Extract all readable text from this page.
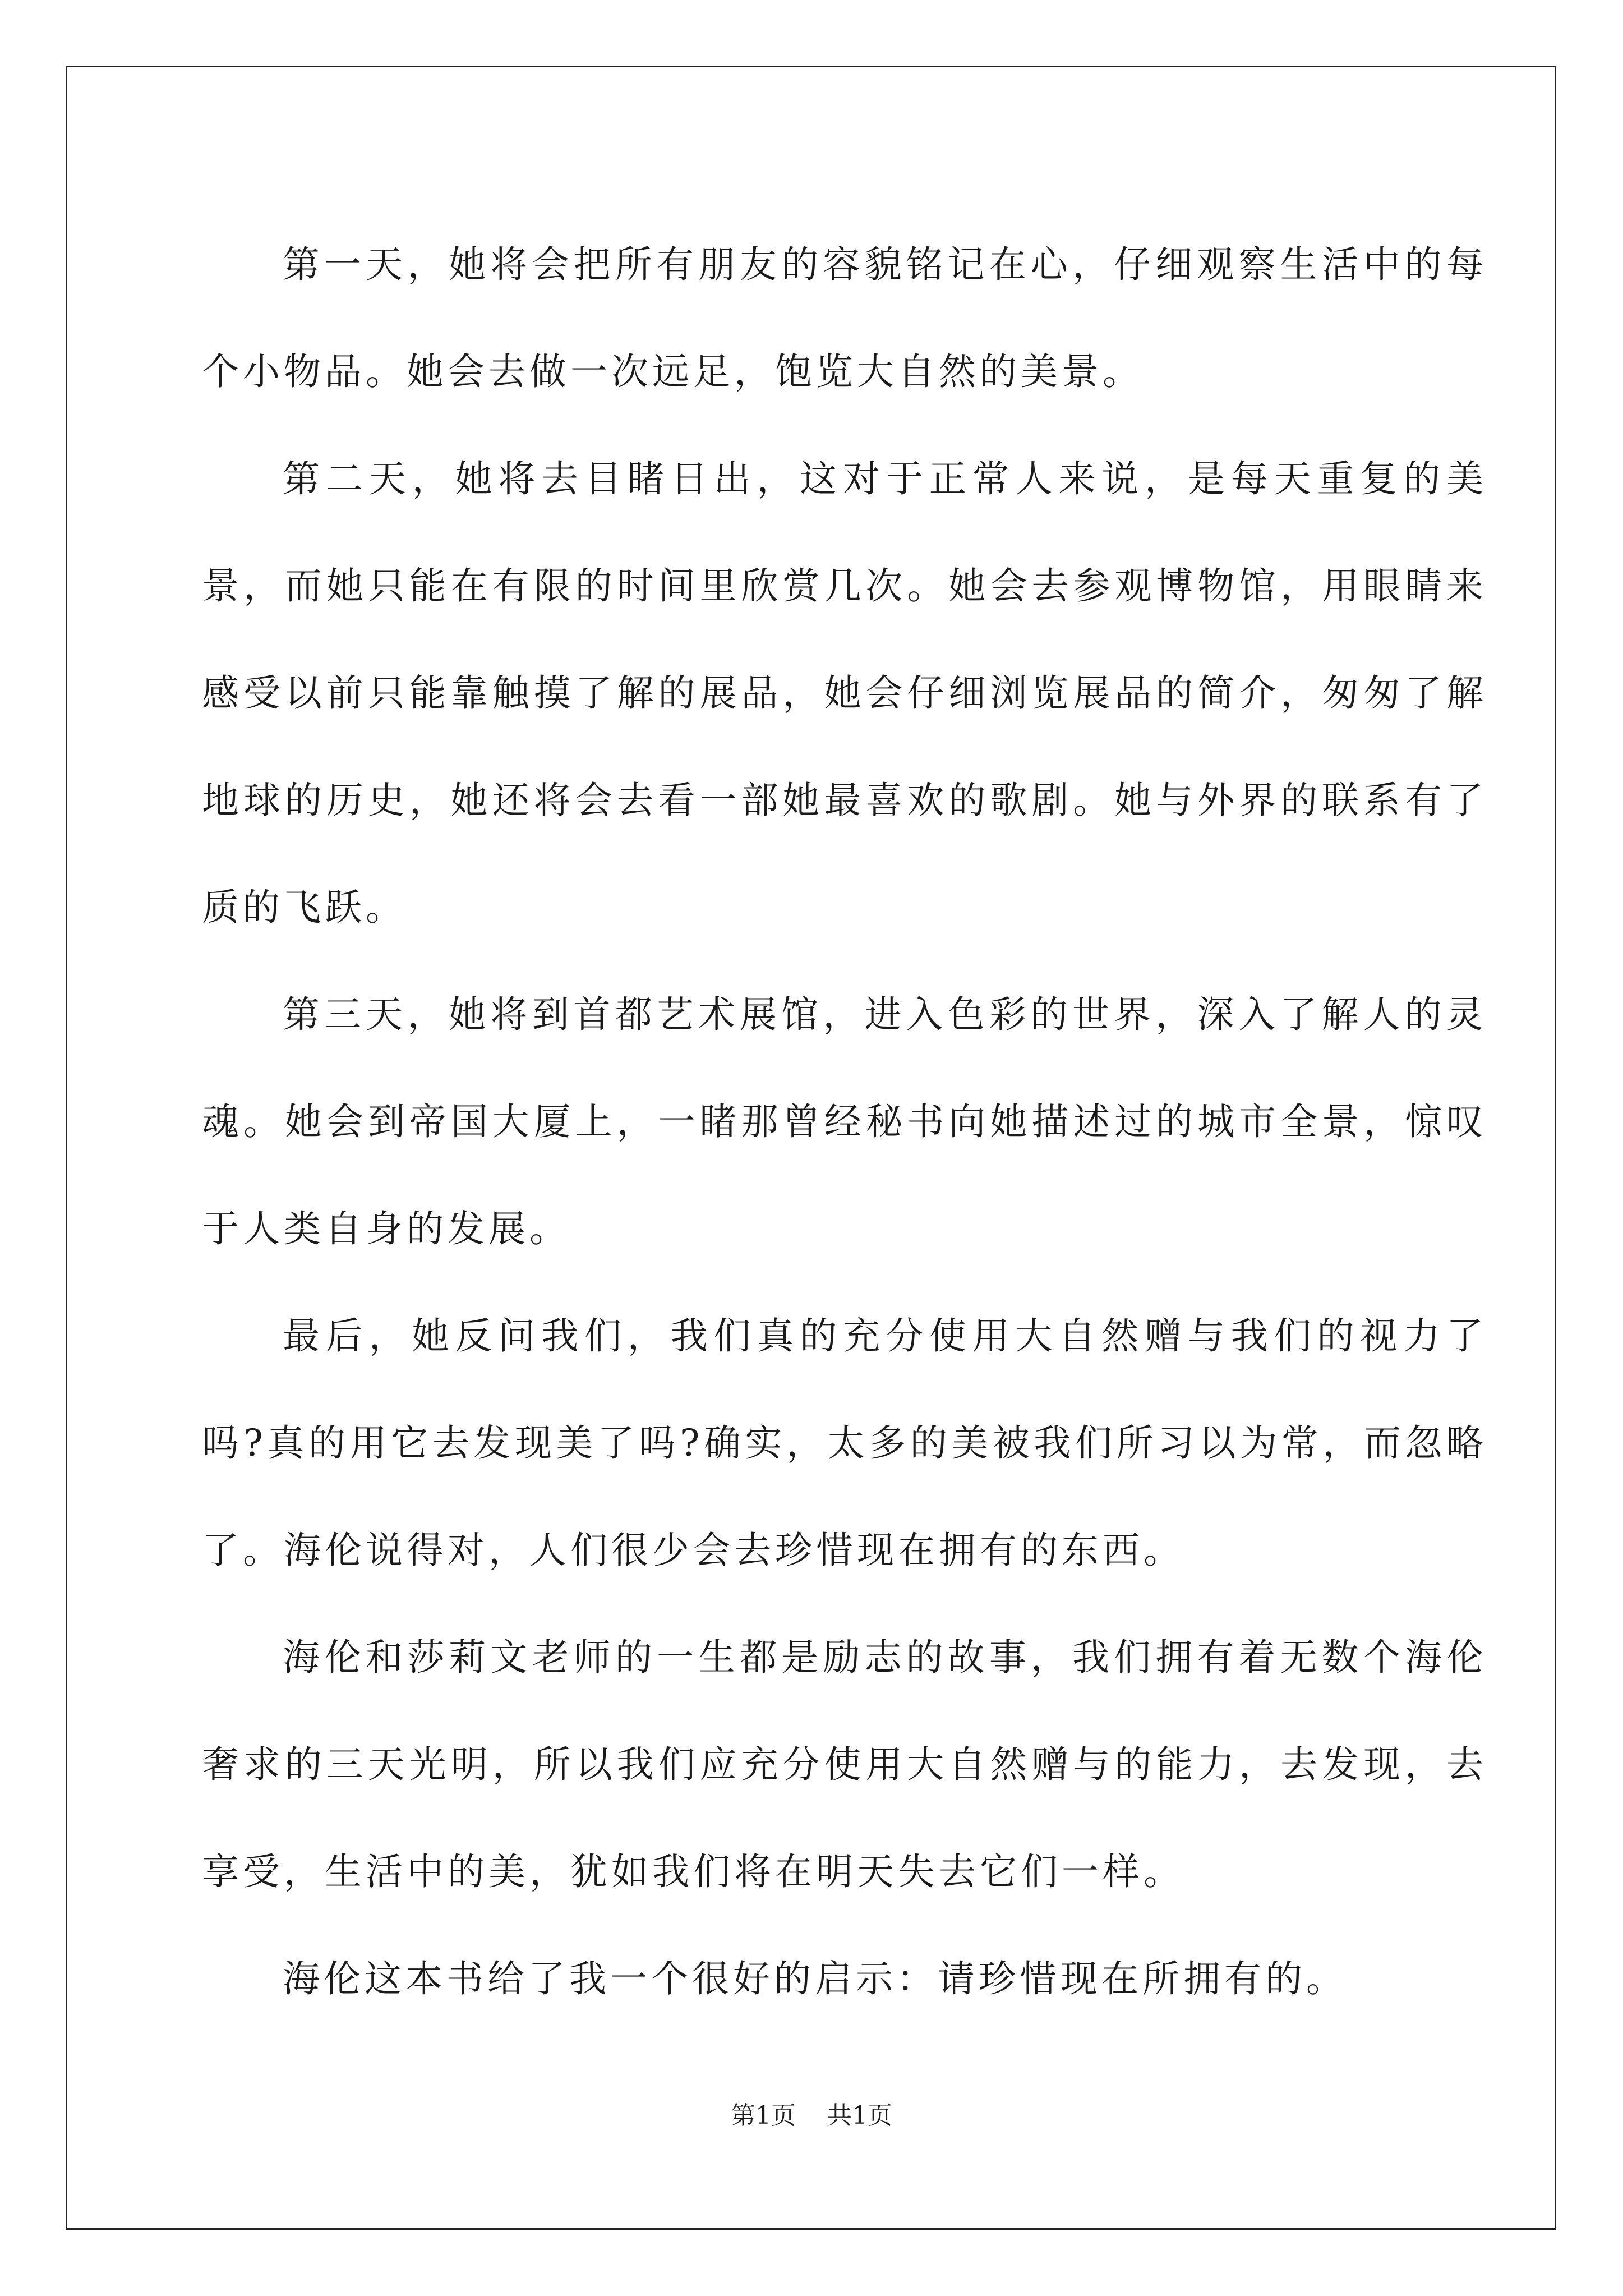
第一天，她将会把所有朋友的容貌铭记在心，仔细观察生活中的每个小物品。她会去做一次远足，饱览大自然的美景。

第二天，她将去目睹日出，这对于正常人来说，是每天重复的美景，而她只能在有限的时间里欣赏几次。她会去参观博物馆，用眼睛来感受以前只能靠触摸了解的展品，她会仔细浏览展品的简介，匆匆了解地球的历史，她还将会去看一部她最喜欢的歌剧。她与外界的联系有了质的飞跃。

第三天，她将到首都艺术展馆，进入色彩的世界，深入了解人的灵魂。她会到帝国大厦上，一睹那曾经秘书向她描述过的城市全景，惊叹于人类自身的发展。

最后，她反问我们，我们真的充分使用大自然赠与我们的视力了吗?真的用它去发现美了吗?确实，太多的美被我们所习以为常，而忽略了。海伦说得对，人们很少会去珍惜现在拥有的东西。

海伦和莎莉文老师的一生都是励志的故事，我们拥有着无数个海伦奢求的三天光明，所以我们应充分使用大自然赠与的能力，去发现，去享受，生活中的美，犹如我们将在明天失去它们一样。

海伦这本书给了我一个很好的启示：请珍惜现在所拥有的。

第1页 共1页
